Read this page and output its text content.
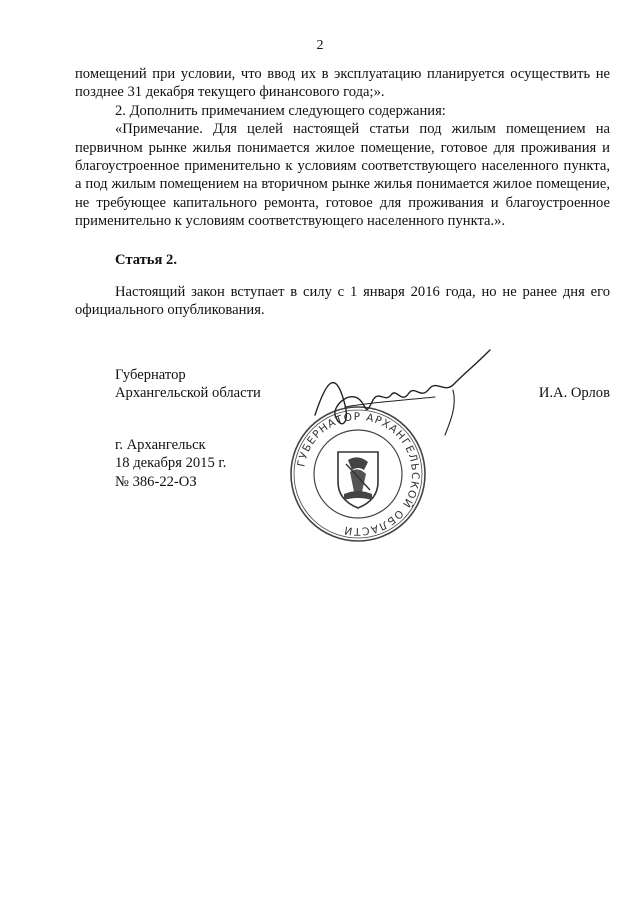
2

помещений при условии, что ввод их в эксплуатацию планируется осуществить не позднее 31 декабря текущего финансового года;».

2. Дополнить примечанием следующего содержания:

«Примечание. Для целей настоящей статьи под жилым помещением на первичном рынке жилья понимается жилое помещение, готовое для проживания и благоустроенное применительно к условиям соответствующего населенного пункта, а под жилым помещением на вторичном рынке жилья понимается жилое помещение, не требующее капитального ремонта, готовое для проживания и благоустроенное применительно к условиям соответствующего населенного пункта.».

Статья 2.

Настоящий закон вступает в силу с 1 января 2016 года, но не ранее дня его официального опубликования.

Губернатор
Архангельской области	И.А. Орлов
г. Архангельск
18 декабря 2015 г.
№ 386-22-ОЗ
ГУБЕРНАТОР АРХАНГЕЛЬСКОЙ ОБЛАСТИ
